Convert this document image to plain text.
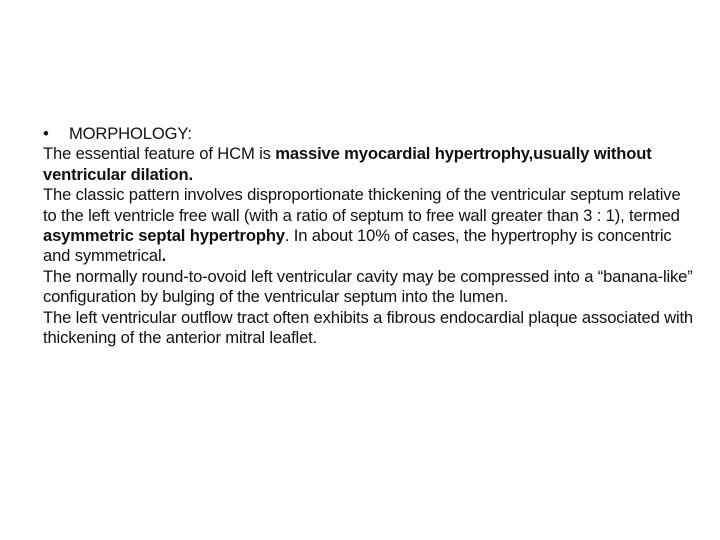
• MORPHOLOGY:

The essential feature of HCM is massive myocardial hypertrophy,usually without ventricular dilation.

The classic pattern involves disproportionate thickening of the ventricular septum relative to the left ventricle free wall (with a ratio of septum to free wall greater than 3 : 1), termed asymmetric septal hypertrophy. In about 10% of cases, the hypertrophy is concentric and symmetrical.

The normally round-to-ovoid left ventricular cavity may be compressed into a “banana-like” configuration by bulging of the ventricular septum into the lumen.

The left ventricular outflow tract often exhibits a fibrous endocardial plaque associated with thickening of the anterior mitral leaflet.
